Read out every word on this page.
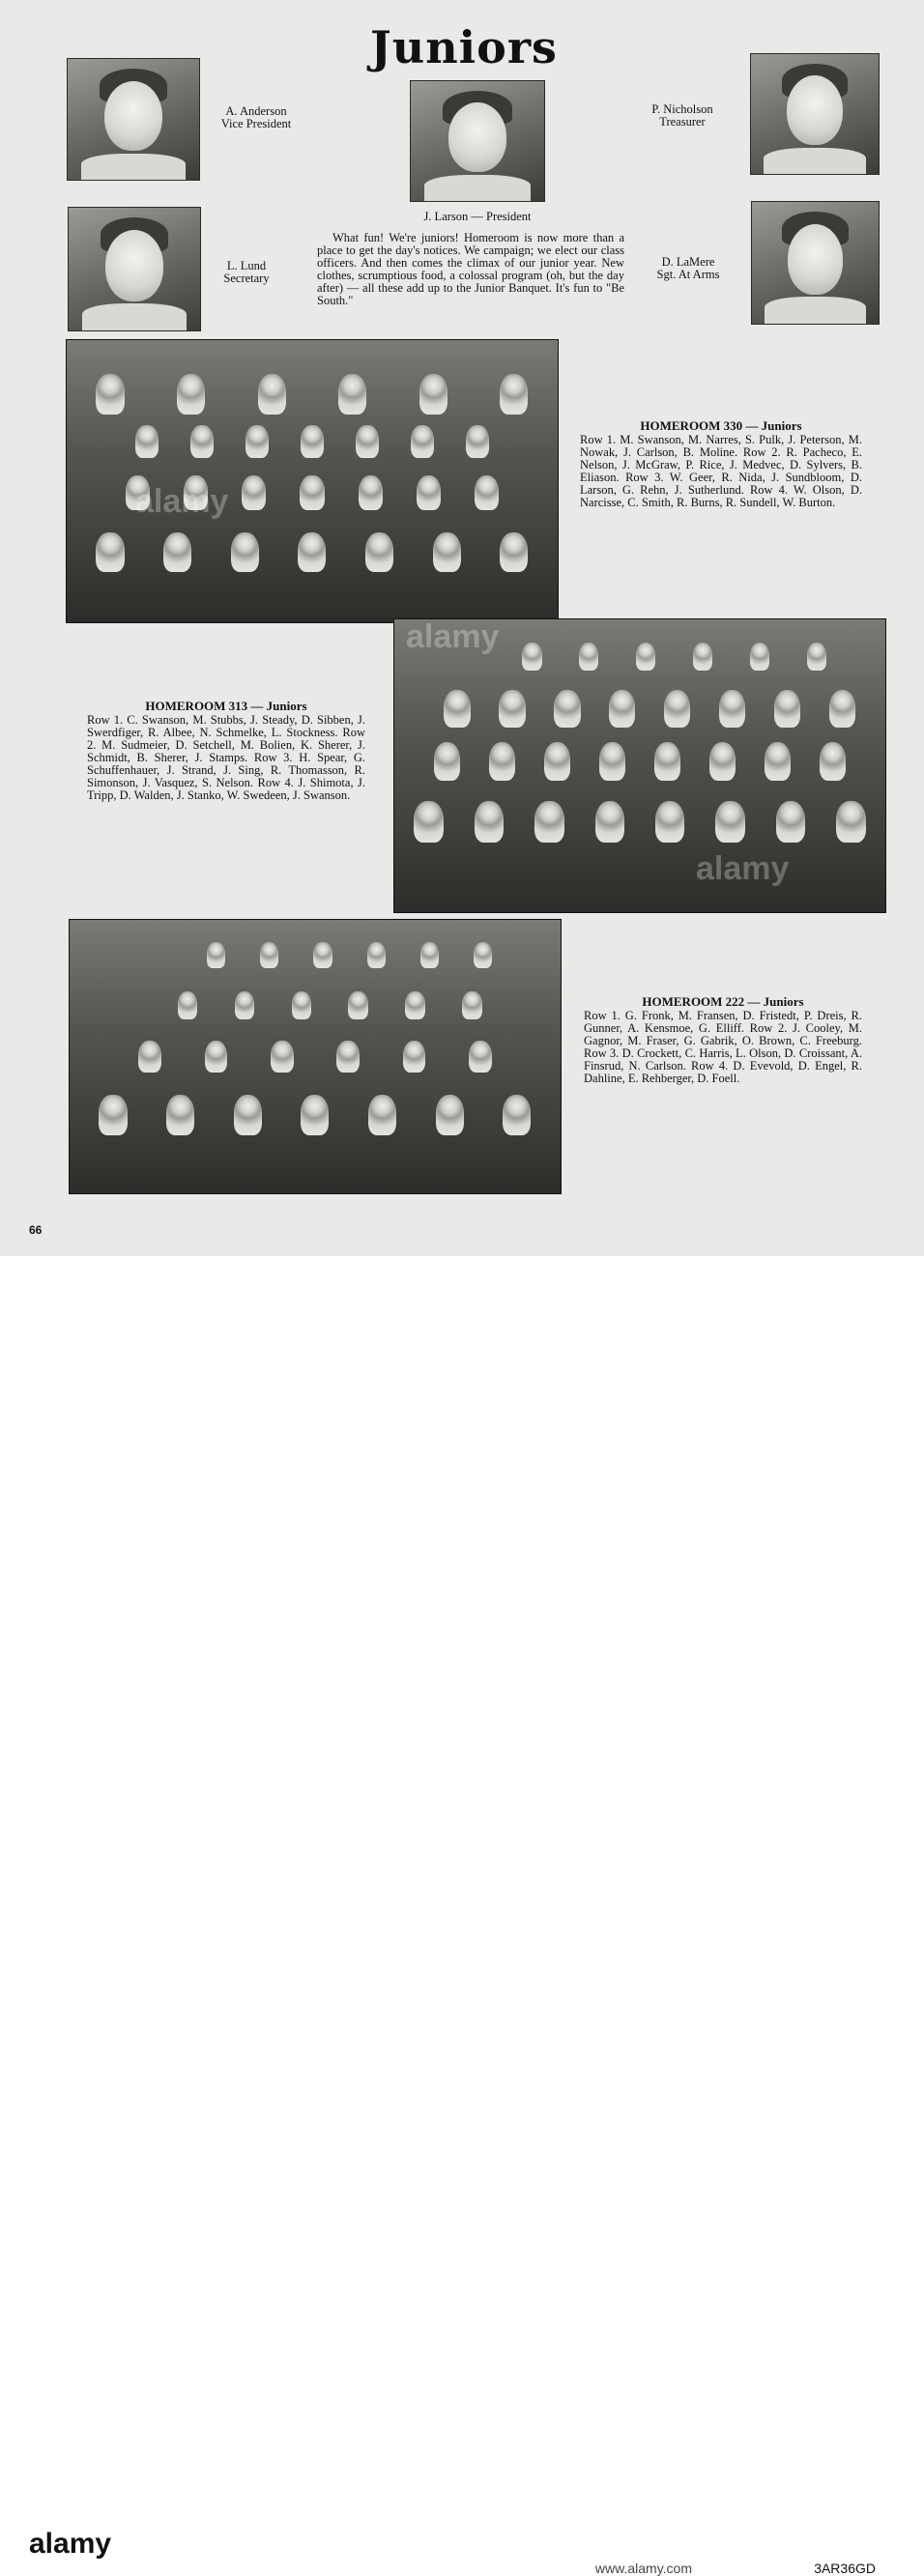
Juniors
A. Anderson
Vice President
J. Larson — President
P. Nicholson
Treasurer
L. Lund
Secretary
D. LaMere
Sgt. At Arms
What fun! We're juniors! Homeroom is now more than a place to get the day's notices. We campaign; we elect our class officers. And then comes the climax of our junior year. New clothes, scrumptious food, a colossal program (oh, but the day after) — all these add up to the Junior Banquet. It's fun to "Be South."
HOMEROOM 330 — Juniors
Row 1. M. Swanson, M. Narres, S. Pulk, J. Peterson, M. Nowak, J. Carlson, B. Moline. Row 2. R. Pacheco, E. Nelson, J. McGraw, P. Rice, J. Medvec, D. Sylvers, B. Eliason. Row 3. W. Geer, R. Nida, J. Sundbloom, D. Larson, G. Rehn, J. Sutherlund. Row 4. W. Olson, D. Narcisse, C. Smith, R. Burns, R. Sundell, W. Burton.
HOMEROOM 313 — Juniors
Row 1. C. Swanson, M. Stubbs, J. Steady, D. Sibben, J. Swerdfiger, R. Albee, N. Schmelke, L. Stockness. Row 2. M. Sudmeier, D. Setchell, M. Bolien, K. Sherer, J. Schmidt, B. Sherer, J. Stamps. Row 3. H. Spear, G. Schuffenhauer, J. Strand, J. Sing, R. Thomasson, R. Simonson, J. Vasquez, S. Nelson. Row 4. J. Shimota, J. Tripp, D. Walden, J. Stanko, W. Swedeen, J. Swanson.
HOMEROOM 222 — Juniors
Row 1. G. Fronk, M. Fransen, D. Fristedt, P. Dreis, R. Gunner, A. Kensmoe, G. Elliff. Row 2. J. Cooley, M. Gagnor, M. Fraser, G. Gabrik, O. Brown, C. Freeburg. Row 3. D. Crockett, C. Harris, L. Olson, D. Croissant, A. Finsrud, N. Carlson. Row 4. D. Evevold, D. Engel, R. Dahline, E. Rehberger, D. Foell.
66
alamy
alamy
alamy
alamy
www.alamy.com	3AR36GD
